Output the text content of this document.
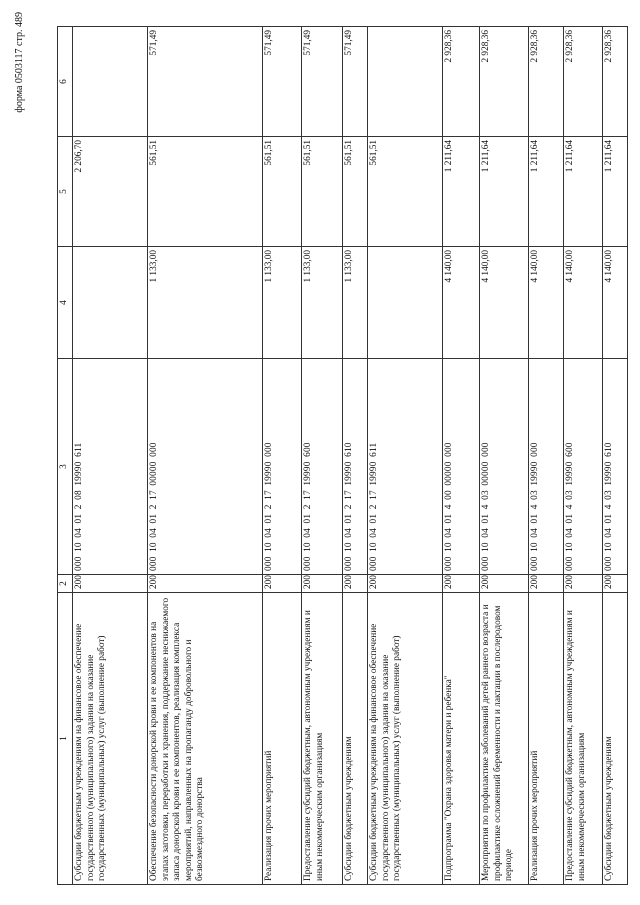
форма 0503117 стр. 489
1	2	3	4	5	6
Субсидии бюджетным учреждениям на финансовое обеспечение государственного (муниципального) задания на оказание государственных (муниципальных) услуг (выполнение работ)	200	000 10 04 01 2 08 19990 611		2 206,70	
Обеспечение безопасности донорской крови и ее компонентов на этапах заготовки, переработки и хранения, поддержание неснижаемого запаса донорской крови и ее компонентов, реализация комплекса мероприятий, направленных на пропаганду добровольного и безвозмездного донорства	200	000 10 04 01 2 17 00000 000	1 133,00	561,51	571,49
Реализация прочих мероприятий	200	000 10 04 01 2 17 19990 000	1 133,00	561,51	571,49
Предоставление субсидий бюджетным, автономным учреждениям и иным некоммерческим организациям	200	000 10 04 01 2 17 19990 600	1 133,00	561,51	571,49
Субсидии бюджетным учреждениям	200	000 10 04 01 2 17 19990 610	1 133,00	561,51	571,49
Субсидии бюджетным учреждениям на финансовое обеспечение государственного (муниципального) задания на оказание государственных (муниципальных) услуг (выполнение работ)	200	000 10 04 01 2 17 19990 611		561,51	
Подпрограмма "Охрана здоровья матери и ребенка"	200	000 10 04 01 4 00 00000 000	4 140,00	1 211,64	2 928,36
Мероприятия по профилактике заболеваний детей раннего возраста и профилактике осложнений беременности и лактации в послеродовом периоде	200	000 10 04 01 4 03 00000 000	4 140,00	1 211,64	2 928,36
Реализация прочих мероприятий	200	000 10 04 01 4 03 19990 000	4 140,00	1 211,64	2 928,36
Предоставление субсидий бюджетным, автономным учреждениям и иным некоммерческим организациям	200	000 10 04 01 4 03 19990 600	4 140,00	1 211,64	2 928,36
Субсидии бюджетным учреждениям	200	000 10 04 01 4 03 19990 610	4 140,00	1 211,64	2 928,36
